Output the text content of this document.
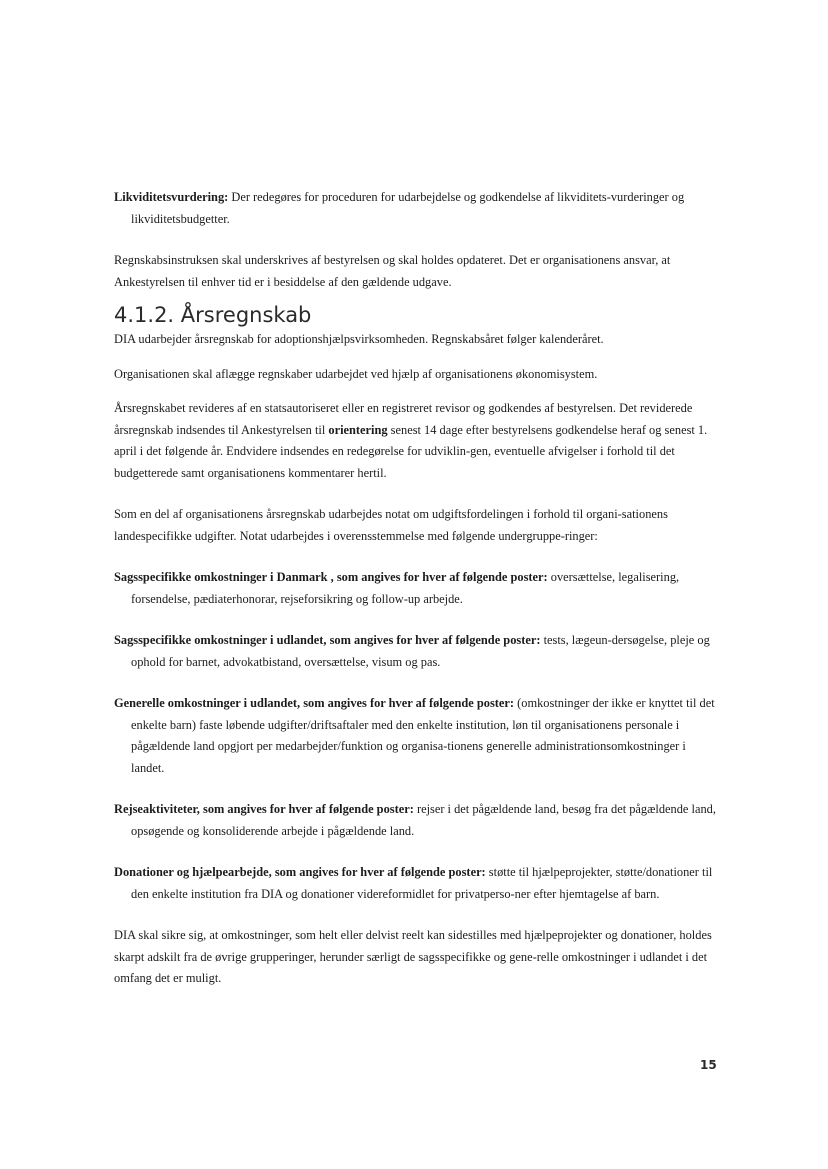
Likviditetsvurdering: Der redegøres for proceduren for udarbejdelse og godkendelse af likviditets-vurderinger og likviditetsbudgetter.

Regnskabsinstruksen skal underskrives af bestyrelsen og skal holdes opdateret. Det er organisationens ansvar, at Ankestyrelsen til enhver tid er i besiddelse af den gældende udgave.

4.1.2. Årsregnskab

DIA udarbejder årsregnskab for adoptionshjælpsvirksomheden. Regnskabsåret følger kalenderåret.

Organisationen skal aflægge regnskaber udarbejdet ved hjælp af organisationens økonomisystem.

Årsregnskabet revideres af en statsautoriseret eller en registreret revisor og godkendes af bestyrelsen. Det reviderede årsregnskab indsendes til Ankestyrelsen til orientering senest 14 dage efter bestyrelsens godkendelse heraf og senest 1. april i det følgende år. Endvidere indsendes en redegørelse for udviklin-gen, eventuelle afvigelser i forhold til det budgetterede samt organisationens kommentarer hertil.

Som en del af organisationens årsregnskab udarbejdes notat om udgiftsfordelingen i forhold til organi-sationens landespecifikke udgifter. Notat udarbejdes i overensstemmelse med følgende undergruppe-ringer:

Sagsspecifikke omkostninger i Danmark , som angives for hver af følgende poster: oversættelse, legalisering, forsendelse, pædiaterhonorar, rejseforsikring og follow-up arbejde.

Sagsspecifikke omkostninger i udlandet, som angives for hver af følgende poster: tests, lægeun-dersøgelse, pleje og ophold for barnet, advokatbistand, oversættelse, visum og pas.

Generelle omkostninger i udlandet, som angives for hver af følgende poster: (omkostninger der ikke er knyttet til det enkelte barn) faste løbende udgifter/driftsaftaler med den enkelte institution, løn til organisationens personale i pågældende land opgjort per medarbejder/funktion og organisa-tionens generelle administrationsomkostninger i landet.

Rejseaktiviteter, som angives for hver af følgende poster: rejser i det pågældende land, besøg fra det pågældende land, opsøgende og konsoliderende arbejde i pågældende land.

Donationer og hjælpearbejde, som angives for hver af følgende poster: støtte til hjælpeprojekter, støtte/donationer til den enkelte institution fra DIA og donationer videreformidlet for privatperso-ner efter hjemtagelse af barn.

DIA skal sikre sig, at omkostninger, som helt eller delvist reelt kan sidestilles med hjælpeprojekter og donationer, holdes skarpt adskilt fra de øvrige grupperinger, herunder særligt de sagsspecifikke og gene-relle omkostninger i udlandet i det omfang det er muligt.

15
